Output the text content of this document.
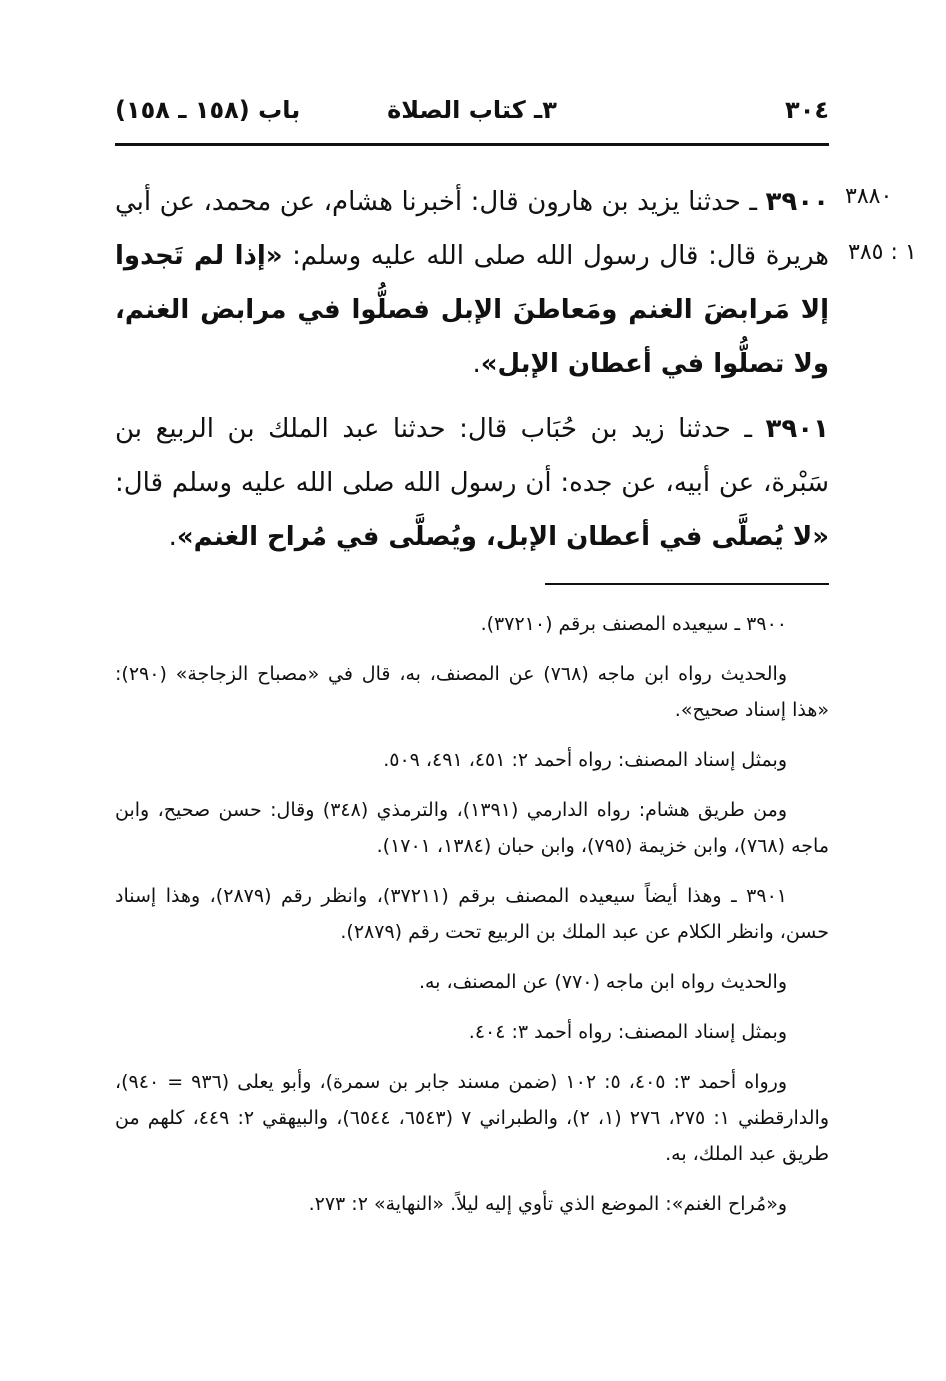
٣٠٤
٣ـ كتاب الصلاة
باب (١٥٨ ـ ١٥٨)
٣٨٨٠
١ : ٣٨٥
٣٩٠٠ ـ حدثنا يزيد بن هارون قال: أخبرنا هشام، عن محمد، عن أبي هريرة قال: قال رسول الله صلى الله عليه وسلم: «إذا لم تَجدوا إلا مَرابضَ الغنم ومَعاطنَ الإبل فصلُّوا في مرابض الغنم، ولا تصلُّوا في أعطان الإبل».
٣٩٠١ ـ حدثنا زيد بن حُبَاب قال: حدثنا عبد الملك بن الربيع بن سَبْرة، عن أبيه، عن جده: أن رسول الله صلى الله عليه وسلم قال: «لا يُصلَّى في أعطان الإبل، ويُصلَّى في مُراح الغنم».

٣٩٠٠ ـ سيعيده المصنف برقم (٣٧٢١٠).

والحديث رواه ابن ماجه (٧٦٨) عن المصنف، به، قال في «مصباح الزجاجة» (٢٩٠): «هذا إسناد صحيح».

وبمثل إسناد المصنف: رواه أحمد ٢: ٤٥١، ٤٩١، ٥٠٩.

ومن طريق هشام: رواه الدارمي (١٣٩١)، والترمذي (٣٤٨) وقال: حسن صحيح، وابن ماجه (٧٦٨)، وابن خزيمة (٧٩٥)، وابن حبان (١٣٨٤، ١٧٠١).

٣٩٠١ ـ وهذا أيضاً سيعيده المصنف برقم (٣٧٢١١)، وانظر رقم (٢٨٧٩)، وهذا إسناد حسن، وانظر الكلام عن عبد الملك بن الربيع تحت رقم (٢٨٧٩).

والحديث رواه ابن ماجه (٧٧٠) عن المصنف، به.

وبمثل إسناد المصنف: رواه أحمد ٣: ٤٠٤.

ورواه أحمد ٣: ٤٠٥، ٥: ١٠٢ (ضمن مسند جابر بن سمرة)، وأبو يعلى (٩٣٦ = ٩٤٠)، والدارقطني ١: ٢٧٥، ٢٧٦ (١، ٢)، والطبراني ٧ (٦٥٤٣، ٦٥٤٤)، والبيهقي ٢: ٤٤٩، كلهم من طريق عبد الملك، به.

و«مُراح الغنم»: الموضع الذي تأوي إليه ليلاً. «النهاية» ٢: ٢٧٣.
